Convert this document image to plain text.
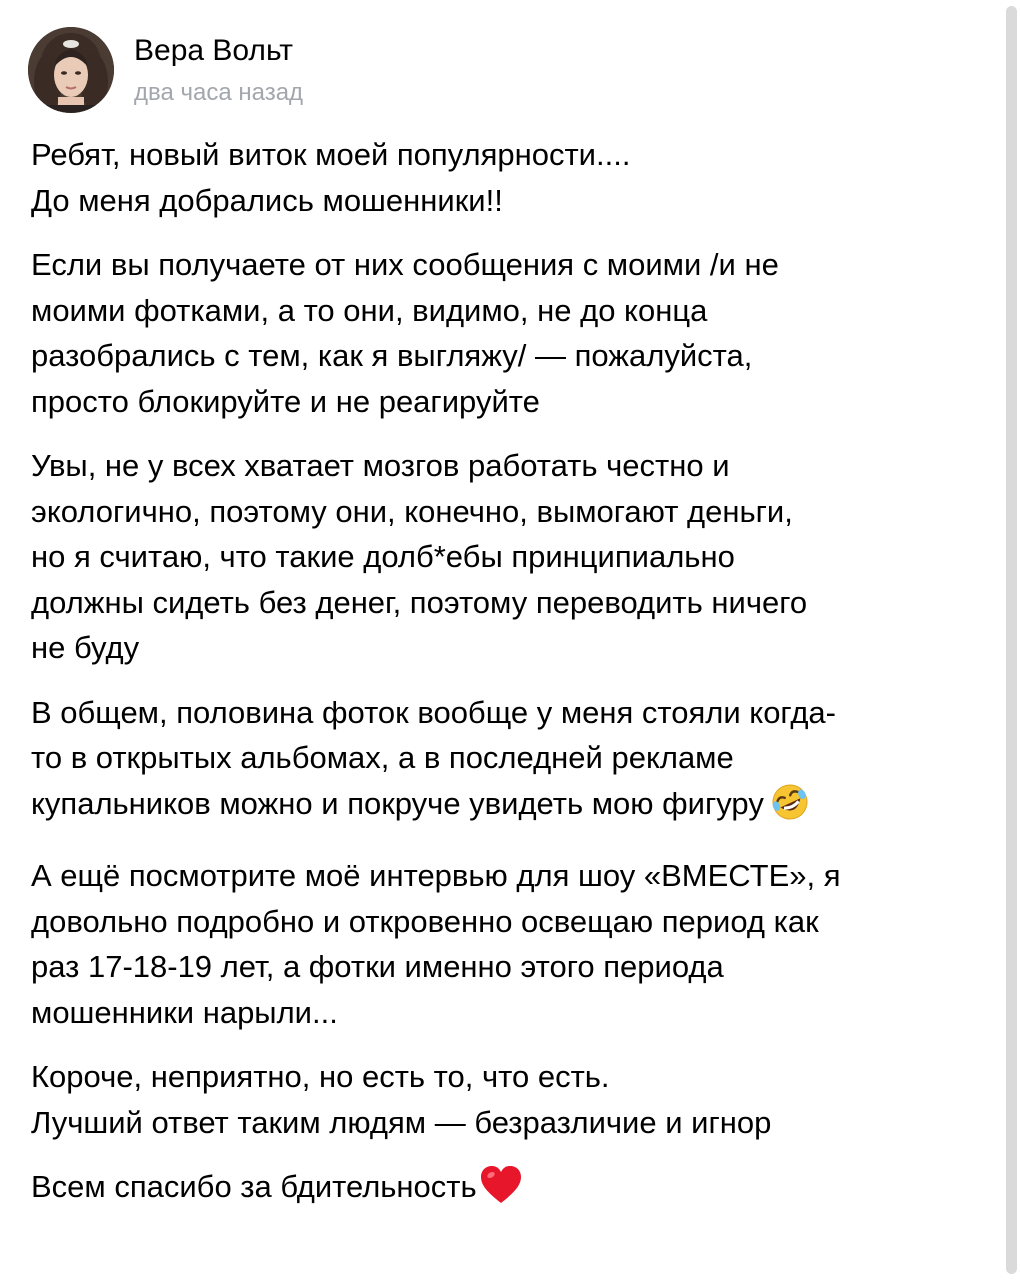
Вера Вольт
два часа назад
Ребят, новый виток моей популярности....
До меня добрались мошенники!!
Если вы получаете от них сообщения с моими /и не
моими фотками, а то они, видимо, не до конца
разобрались с тем, как я выгляжу/ — пожалуйста,
просто блокируйте и не реагируйте
Увы, не у всех хватает мозгов работать честно и
экологично, поэтому они, конечно, вымогают деньги,
но я считаю, что такие долб*ебы принципиально
должны сидеть без денег, поэтому переводить ничего
не буду
В общем, половина фоток вообще у меня стояли когда-
то в открытых альбомах, а в последней рекламе
купальников можно и покруче увидеть мою фигуру
А ещё посмотрите моё интервью для шоу «ВМЕСТЕ», я
довольно подробно и откровенно освещаю период как
раз 17-18-19 лет, а фотки именно этого периода
мошенники нарыли...
Короче, неприятно, но есть то, что есть.
Лучший ответ таким людям — безразличие и игнор
Всем спасибо за бдительность
